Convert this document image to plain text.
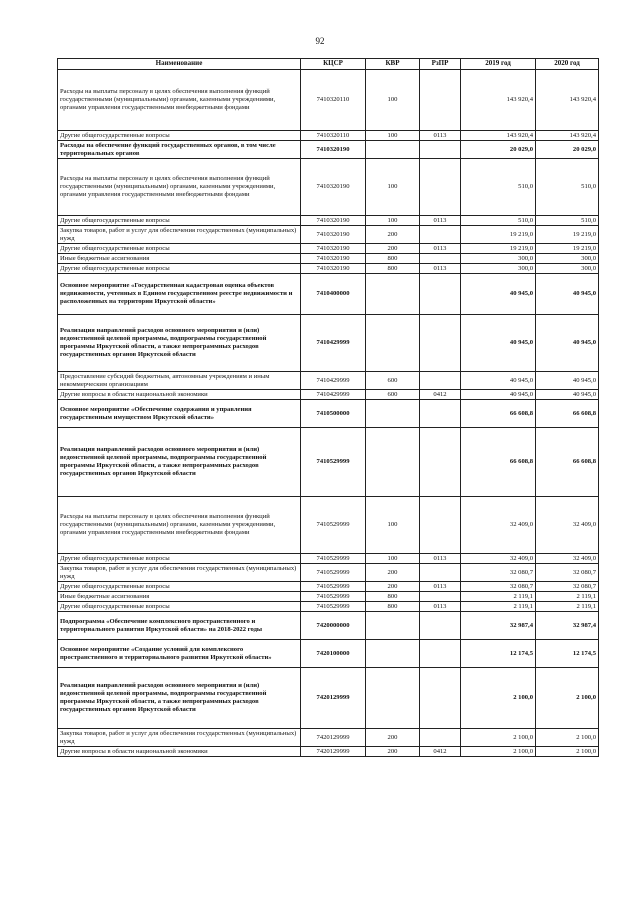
92
Наименование	КЦСР	КВР	РзПР	2019 год	2020 год
Расходы на выплаты персоналу в целях обеспечения выполнения функций государственными (муниципальными) органами, казенными учреждениями, органами управления государственными внебюджетными фондами	7410320110	100		143 920,4	143 920,4
Другие общегосударственные вопросы	7410320110	100	0113	143 920,4	143 920,4
Расходы на обеспечение функций государственных органов, в том числе территориальных органов	7410320190			20 029,0	20 029,0
Расходы на выплаты персоналу в целях обеспечения выполнения функций государственными (муниципальными) органами, казенными учреждениями, органами управления государственными внебюджетными фондами	7410320190	100		510,0	510,0
Другие общегосударственные вопросы	7410320190	100	0113	510,0	510,0
Закупка товаров, работ и услуг для обеспечения государственных (муниципальных) нужд	7410320190	200		19 219,0	19 219,0
Другие общегосударственные вопросы	7410320190	200	0113	19 219,0	19 219,0
Иные бюджетные ассигнования	7410320190	800		300,0	300,0
Другие общегосударственные вопросы	7410320190	800	0113	300,0	300,0
Основное мероприятие «Государственная кадастровая оценка объектов недвижимости, учтенных в Едином государственном реестре недвижимости и расположенных на территории Иркутской области»	7410400000			40 945,0	40 945,0
Реализация направлений расходов основного мероприятия и (или) ведомственной целевой программы, подпрограммы государственной программы Иркутской области, а также непрограммных расходов государственных органов Иркутской области	7410429999			40 945,0	40 945,0
Предоставление субсидий бюджетным, автономным учреждениям и иным некоммерческим организациям	7410429999	600		40 945,0	40 945,0
Другие вопросы в области национальной экономики	7410429999	600	0412	40 945,0	40 945,0
Основное мероприятие «Обеспечение содержания и управления государственным имуществом Иркутской области»	7410500000			66 608,8	66 608,8
Реализация направлений расходов основного мероприятия и (или) ведомственной целевой программы, подпрограммы государственной программы Иркутской области, а также непрограммных расходов государственных органов Иркутской области	7410529999			66 608,8	66 608,8
Расходы на выплаты персоналу в целях обеспечения выполнения функций государственными (муниципальными) органами, казенными учреждениями, органами управления государственными внебюджетными фондами	7410529999	100		32 409,0	32 409,0
Другие общегосударственные вопросы	7410529999	100	0113	32 409,0	32 409,0
Закупка товаров, работ и услуг для обеспечения государственных (муниципальных) нужд	7410529999	200		32 080,7	32 080,7
Другие общегосударственные вопросы	7410529999	200	0113	32 080,7	32 080,7
Иные бюджетные ассигнования	7410529999	800		2 119,1	2 119,1
Другие общегосударственные вопросы	7410529999	800	0113	2 119,1	2 119,1
Подпрограмма «Обеспечение комплексного пространственного и территориального развития Иркутской области» на 2018-2022 годы	7420000000			32 987,4	32 987,4
Основное мероприятие «Создание условий для комплексного пространственного и территориального развития Иркутской области»	7420100000			12 174,5	12 174,5
Реализация направлений расходов основного мероприятия и (или) ведомственной целевой программы, подпрограммы государственной программы Иркутской области, а также непрограммных расходов государственных органов Иркутской области	7420129999			2 100,0	2 100,0
Закупка товаров, работ и услуг для обеспечения государственных (муниципальных) нужд	7420129999	200		2 100,0	2 100,0
Другие вопросы в области национальной экономики	7420129999	200	0412	2 100,0	2 100,0
